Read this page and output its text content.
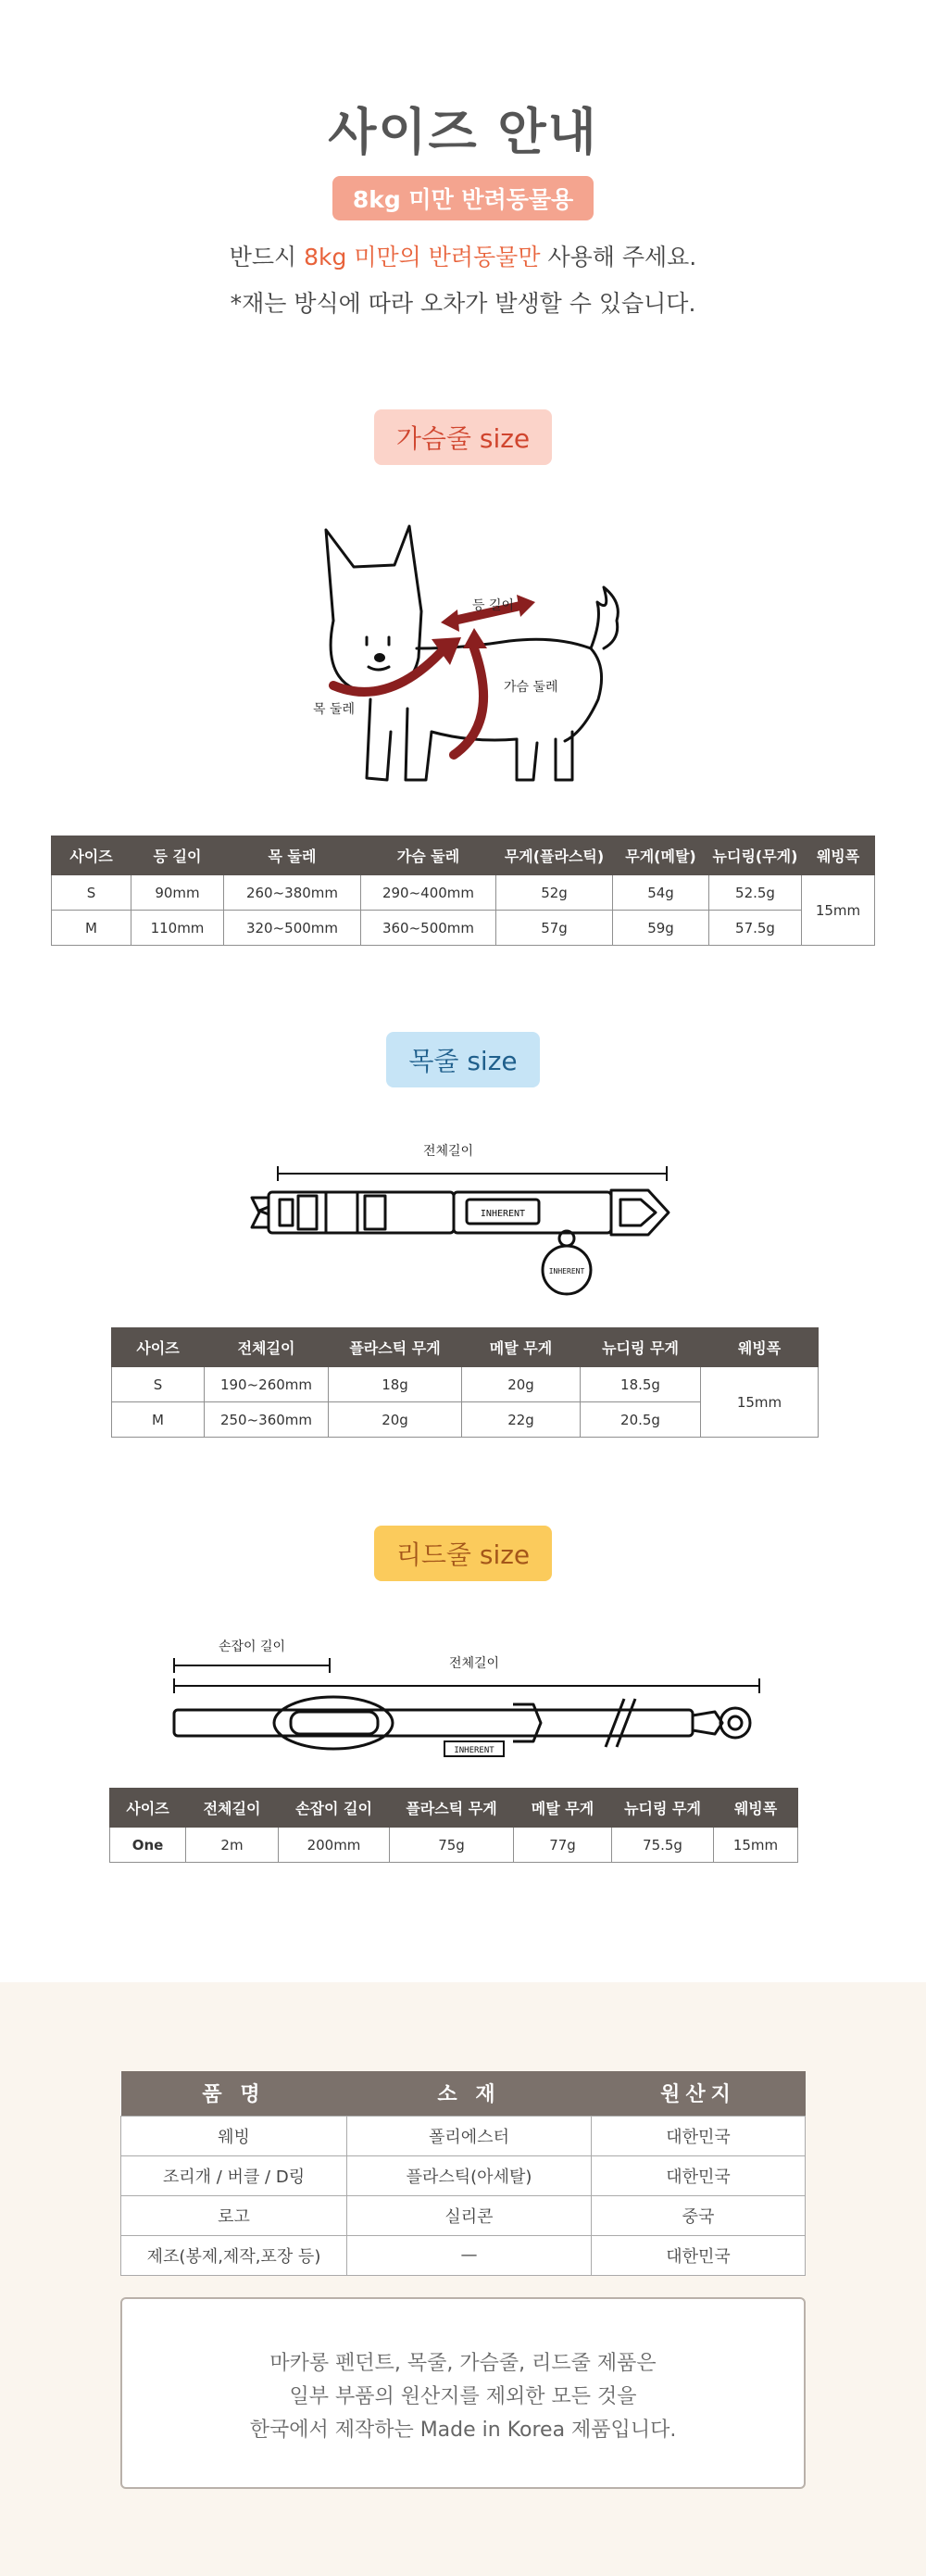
사이즈 안내
8kg 미만 반려동물용
반드시 8kg 미만의 반려동물만 사용해 주세요.
*재는 방식에 따라 오차가 발생할 수 있습니다.
가슴줄 size
등 길이
목 둘레
가슴 둘레
사이즈	등 길이	목 둘레	가슴 둘레	무게(플라스틱)	무게(메탈)	뉴디링(무게)	웨빙폭
S	90mm	260~380mm	290~400mm	52g	54g	52.5g	15mm
M	110mm	320~500mm	360~500mm	57g	59g	57.5g	
목줄 size
전체길이
INHERENT
INHERENT
사이즈	전체길이	플라스틱 무게	메탈 무게	뉴디링 무게	웨빙폭
S	190~260mm	18g	20g	18.5g	15mm
M	250~360mm	20g	22g	20.5g	
리드줄 size
손잡이 길이
전체길이
INHERENT
사이즈	전체길이	손잡이 길이	플라스틱 무게	메탈 무게	뉴디링 무게	웨빙폭
One	2m	200mm	75g	77g	75.5g	15mm
품 명	소 재	원산지
웨빙	폴리에스터	대한민국
조리개 / 버클 / D링	플라스틱(아세탈)	대한민국
로고	실리콘	중국
제조(봉제,제작,포장 등)	—	대한민국
마카롱 펜던트, 목줄, 가슴줄, 리드줄 제품은
일부 부품의 원산지를 제외한 모든 것을
한국에서 제작하는 Made in Korea 제품입니다.
